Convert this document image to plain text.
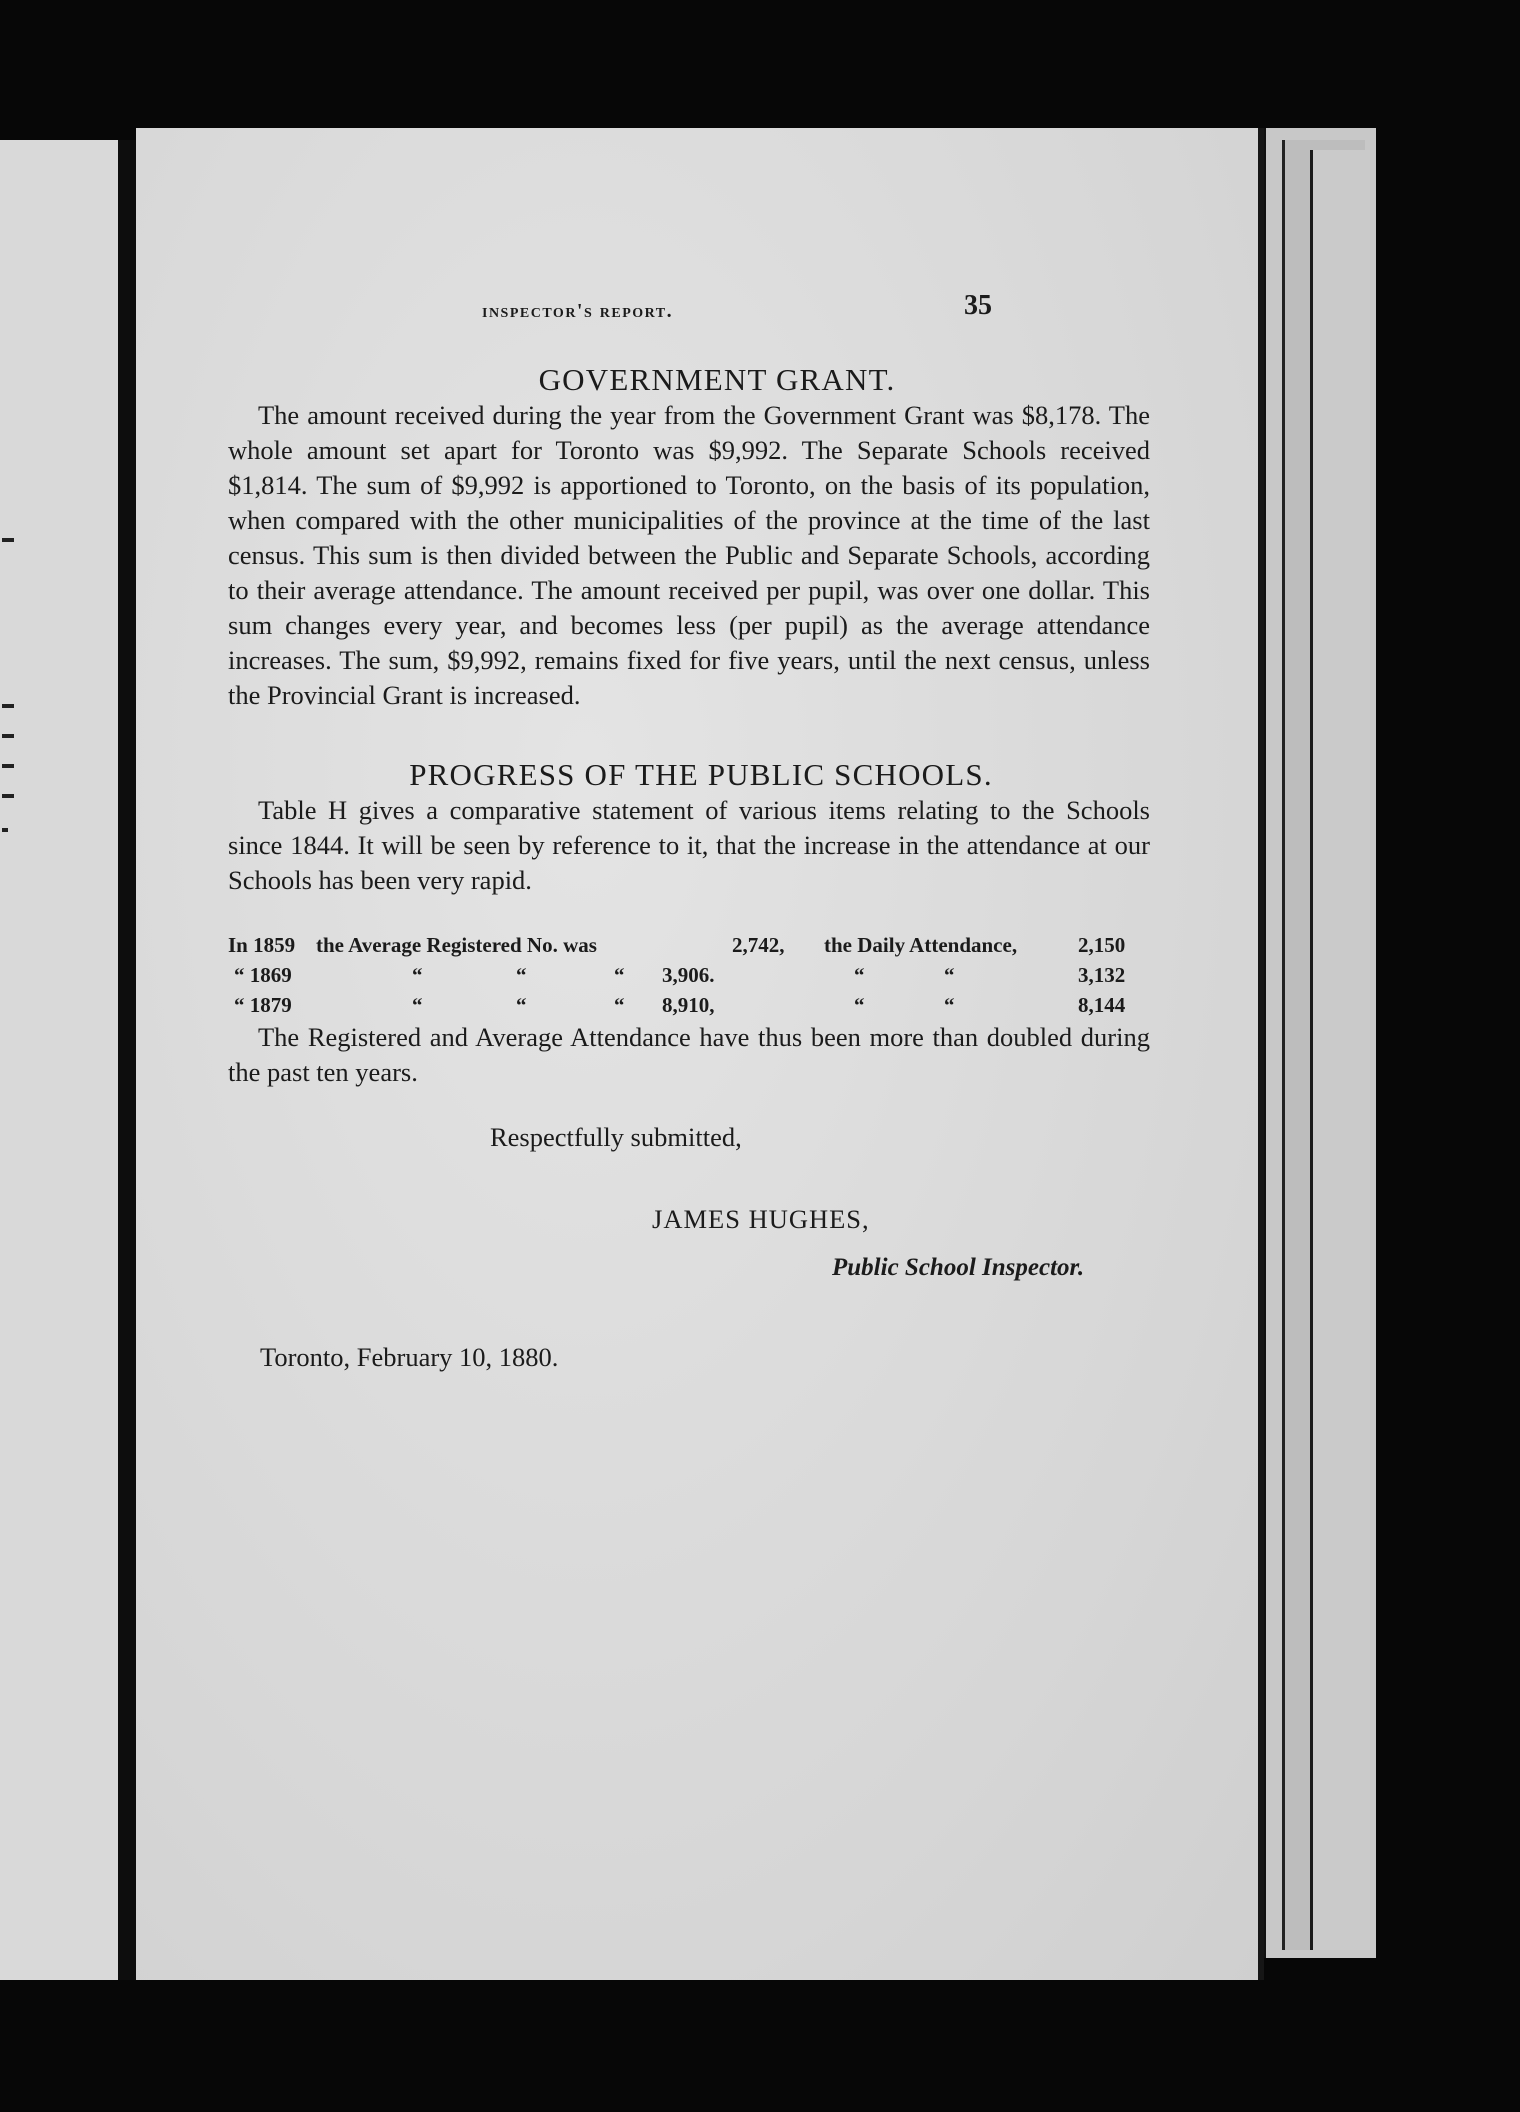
inspector's report.	35
GOVERNMENT GRANT.

The amount received during the year from the Government Grant was $8,178. The whole amount set apart for Toronto was $9,992. The Separate Schools received $1,814. The sum of $9,992 is apportioned to Toronto, on the basis of its population, when compared with the other municipalities of the province at the time of the last census. This sum is then divided between the Public and Separate Schools, according to their average attendance. The amount received per pupil, was over one dollar. This sum changes every year, and becomes less (per pupil) as the average attendance increases. The sum, $9,992, remains fixed for five years, until the next census, unless the Provincial Grant is increased.

PROGRESS OF THE PUBLIC SCHOOLS.

Table H gives a comparative statement of various items relating to the Schools since 1844. It will be seen by reference to it, that the increase in the attendance at our Schools has been very rapid.

In 1859 the Average Registered No. was	2,742, the Daily Attendance,	2,150
“ 1869	“	“	“ 3,906.	“	“	3,132
“ 1879	“	“	“ 8,910,	“	“	8,144

The Registered and Average Attendance have thus been more than doubled during the past ten years.

Respectfully submitted,
JAMES HUGHES,
Public School Inspector.
Toronto, February 10, 1880.
